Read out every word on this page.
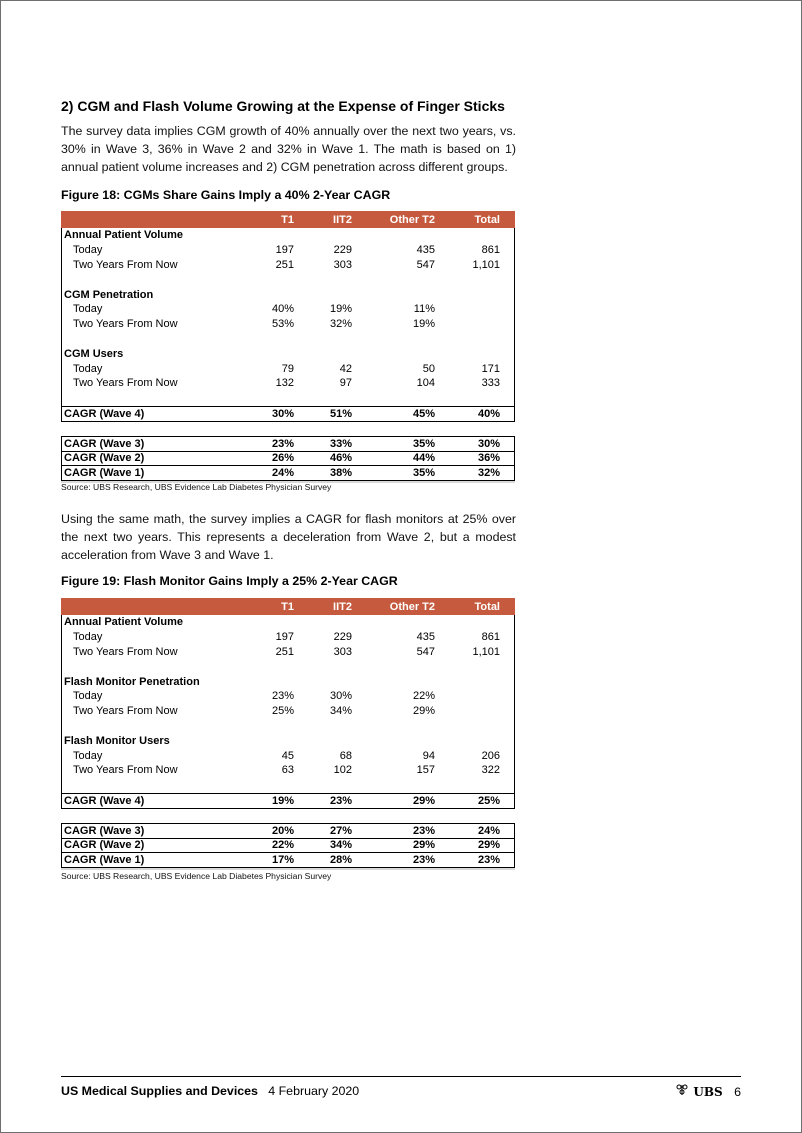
2) CGM and Flash Volume Growing at the Expense of Finger Sticks

The survey data implies CGM growth of 40% annually over the next two years, vs. 30% in Wave 3, 36% in Wave 2 and 32% in Wave 1. The math is based on 1) annual patient volume increases and 2) CGM penetration across different groups.

Figure 18: CGMs Share Gains Imply a 40% 2-Year CAGR

T1	IIT2	Other T2	Total
Annual Patient Volume
Today	197	229	435	861
Two Years From Now	251	303	547	1,101
CGM Penetration
Today	40%	19%	11%
Two Years From Now	53%	32%	19%
CGM Users
Today	79	42	50	171
Two Years From Now	132	97	104	333
CAGR (Wave 4)	30%	51%	45%	40%
CAGR (Wave 3)	23%	33%	35%	30%
CAGR (Wave 2)	26%	46%	44%	36%
CAGR (Wave 1)	24%	38%	35%	32%

Source: UBS Research, UBS Evidence Lab Diabetes Physician Survey

Using the same math, the survey implies a CAGR for flash monitors at 25% over the next two years. This represents a deceleration from Wave 2, but a modest acceleration from Wave 3 and Wave 1.

Figure 19: Flash Monitor Gains Imply a 25% 2-Year CAGR

T1	IIT2	Other T2	Total
Annual Patient Volume
Today	197	229	435	861
Two Years From Now	251	303	547	1,101
Flash Monitor Penetration
Today	23%	30%	22%
Two Years From Now	25%	34%	29%
Flash Monitor Users
Today	45	68	94	206
Two Years From Now	63	102	157	322
CAGR (Wave 4)	19%	23%	29%	25%
CAGR (Wave 3)	20%	27%	23%	24%
CAGR (Wave 2)	22%	34%	29%	29%
CAGR (Wave 1)	17%	28%	23%	23%

Source: UBS Research, UBS Evidence Lab Diabetes Physician Survey

US Medical Supplies and Devices 4 February 2020	UBS
6
